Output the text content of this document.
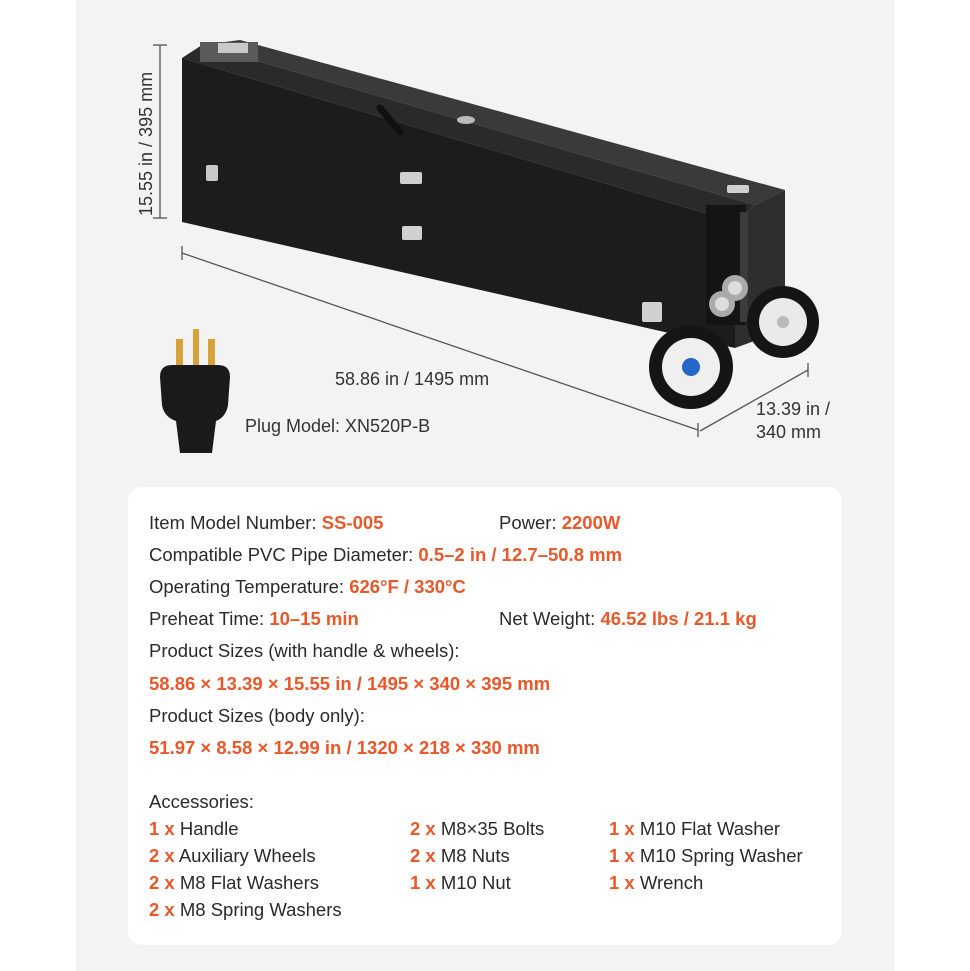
15.55 in / 395 mm
58.86 in / 1495 mm
13.39 in /
340 mm
Plug Model: XN520P-B
Item Model Number: SS-005	Power: 2200W
Compatible PVC Pipe Diameter: 0.5–2 in / 12.7–50.8 mm
Operating Temperature: 626°F / 330°C
Preheat Time: 10–15 min	Net Weight: 46.52 lbs / 21.1 kg
Product Sizes (with handle & wheels):
58.86 × 13.39 × 15.55 in / 1495 × 340 × 395 mm
Product Sizes (body only):
51.97 × 8.58 × 12.99 in / 1320 × 218 × 330 mm
Accessories:
1 x Handle
2 x Auxiliary Wheels
2 x M8 Flat Washers
2 x M8 Spring Washers
2 x M8×35 Bolts
2 x M8 Nuts
1 x M10 Nut
1 x M10 Flat Washer
1 x M10 Spring Washer
1 x Wrench
